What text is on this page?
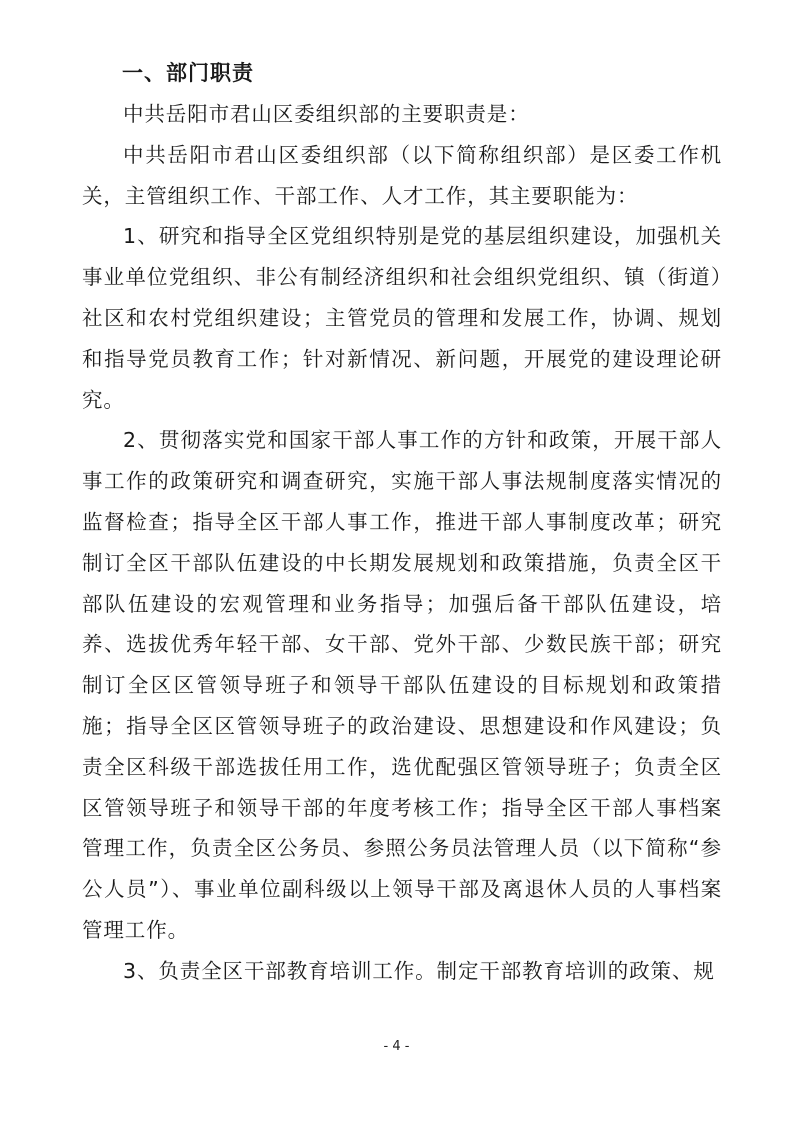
一、部门职责

中共岳阳市君山区委组织部的主要职责是：

中共岳阳市君山区委组织部（以下简称组织部）是区委工作机关，主管组织工作、干部工作、人才工作，其主要职能为：

1、研究和指导全区党组织特别是党的基层组织建设，加强机关事业单位党组织、非公有制经济组织和社会组织党组织、镇（街道）社区和农村党组织建设；主管党员的管理和发展工作，协调、规划和指导党员教育工作；针对新情况、新问题，开展党的建设理论研究。

2、贯彻落实党和国家干部人事工作的方针和政策，开展干部人事工作的政策研究和调查研究，实施干部人事法规制度落实情况的监督检查；指导全区干部人事工作，推进干部人事制度改革；研究制订全区干部队伍建设的中长期发展规划和政策措施，负责全区干部队伍建设的宏观管理和业务指导；加强后备干部队伍建设，培养、选拔优秀年轻干部、女干部、党外干部、少数民族干部；研究制订全区区管领导班子和领导干部队伍建设的目标规划和政策措施；指导全区区管领导班子的政治建设、思想建设和作风建设；负责全区科级干部选拔任用工作，选优配强区管领导班子；负责全区区管领导班子和领导干部的年度考核工作；指导全区干部人事档案管理工作，负责全区公务员、参照公务员法管理人员（以下简称“参公人员”）、事业单位副科级以上领导干部及离退休人员的人事档案管理工作。

3、负责全区干部教育培训工作。制定干部教育培训的政策、规

- 4 -
